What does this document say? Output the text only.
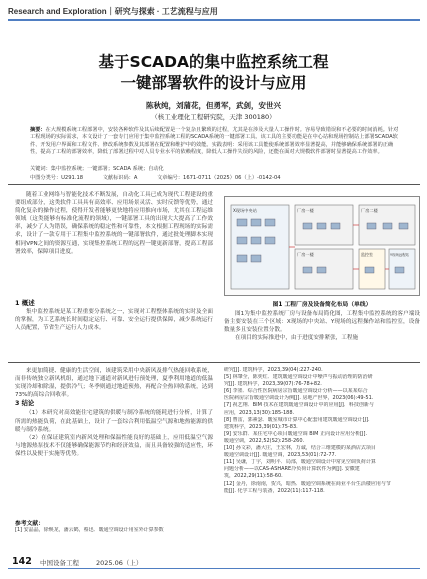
Research and Exploration｜研究与探索 · 工艺流程与应用
基于SCADA的集中监控系统工程
一键部署软件的设计与应用
陈秋纯，刘蒲花，但勇军，武剑，安世兴
（核工业理化工程研究院，天津 300180）
摘要：在大规模系统工程部署中，安装各种软件及其后续配置是一个复杂且繁琐的过程，尤其是在涉及大量人工操作时。容易导致错误和不必要的时间消耗。针对工程现场的实际需求，本文设计了一套专门应用于集中监控系统工程的SCADA系统的一键部署工具。该工具的主要功能是在中心站和现场控制站上部署SCADA软件、开发用户界面和工程文件、修改系统参数及其部署在配置和维护中的效能。实践表明：采用该工具能使系统部署效率显著提高，并能够确保系统部署的正确性，提高了工程的部署效率，降低了部署过程中对人员专业水平的依赖程度，降低人工操作失误的风险，还能在面对大规模软件部署时显著提高工作效率。
关键词：集中监控系统；一键部署；SCADA 系统；自动化
中图分类号：U291.18	文献标识码：A	文章编号：1671-0711（2025）06（上）-0142-04

随着工业网络与智能化技术不断发展，自动化工具已成为现代工程建设的重要组成部分，这类软件工具具有高效率、应用场景灵活、实时反馈等优势，通过简化复杂的操作过程，使得开发者能够更快地将应用推向市场，尤其在工程运维领域（这类能够有标准化流程的领域），一键部署工具的出现大大提高了工作效率，减少了人为错误，确保系统的稳定性和可靠性，本文根据工程现场的实际需求，设计了一款专用于工程集中监控系统的一键部署软件，通过批处理脚本实现相同VPN之间的资源互通，实现集控系统工程的远程一键更新部署，提高工程部署效率，保障项目进度。

1 概述

集中监控系统是某工程重要分系统之一，实现对工程整体系统的实时及全面的掌握，为工艺系统长时间稳定运行、可靠、安全运行提供保障，减少系统运行人员配置，节省生产运行人力成本。

X现场中央站	厂房一楼
厂房一楼
厂房二楼
监控室	Y现场远程站
图1 工程厂房及设备简化布局（单线）

图1为集中监控系统厂房与设备布局简化图，工程集中监控系统的客户端设备主要安装在三个区域：X现场的中央站、Y现场的远程操作站和监控室，设备数量多且安装位置分散。

在项目的实际推进中，由于进度安排紧张，工程施

来更加简捷、健康的生活空间，该建筑采用中央新风及排气热能回收系统，而非传统独立新风机组，通过地下通道对新风进行预处理，夏季利用地道的低温实现冷却和除湿，提供冷气；冬季则通过地道预热，再配合全热回收系统，达到73%的高综合回收率。

3 结论

（1）本研究对高效能住宅建筑的供暖与制冷系统的能耗进行分析，计算了所需的热能负荷，在此基础上，设计了一套综合利用低温空气源和地热能源的供暖与制冷系统。

（2）在保证建筑室内新风处理和保温性能良好的基础上，应用低温空气源与地源热泵技术不仅能够确保能源节约和经济效益，而且具备较强的适应性，环保性以及便于实施等优势。

参考文献：
[1] 安晶晶，徐焕龙，潘云鹤，蔡迅．暖通空调设计用室外计算参数
研究[J]. 建筑科学，2023,39(04):227-240.
[5] 林肇全，陈奕红．建筑暖通空调设计中噪声与振动治理的防治研
究[J]. 建筑科学，2023,39(07):76-78+82.
[6] 李墨．综合性医院病房宗旨暖通空调设计分析——以某某综合
医院病房宗旨暖通空调设计为例[J]. 房地产世界，2023(06):49-51.
[7] 祝艺翔．BIM 技术在建筑暖通空调设计中的应用[J]．科技创新与
应用，2023,13(30):185-188.
[8] 曹雷，郭素瑟．暖室城市计算中心配套用建筑暖通空调设计[J].
建筑科学，2023,39(01):75-83.
[9] 安乐群．某住宅中心项目暖通空调 BIM 正向设计应用分析[J].
暖通空调，2022,52(S2):258-260.
[10] 孙文彩，潘大庄，王宏林，万诚，结合三维建模的某酒店式项目
暖通空调设计[J]. 暖通空调，2023,53(01):72-77.
[11] 吴谦，丁宇，刘明平．局部，暖通空调设计中常见空调负荷计算
问题分析——以CAS-ASHARE冷负荷计算软件为例[J]. 安徽建
筑，2022,29(11):58-60.
[12] 金丹，徐南南，贺兴，暗热．暖通空调系统在商业平台生活楼应用与节
能[J]. 化学工程与装备，2022(11):117-118.
142 中国设备工程	2025.06（上）
